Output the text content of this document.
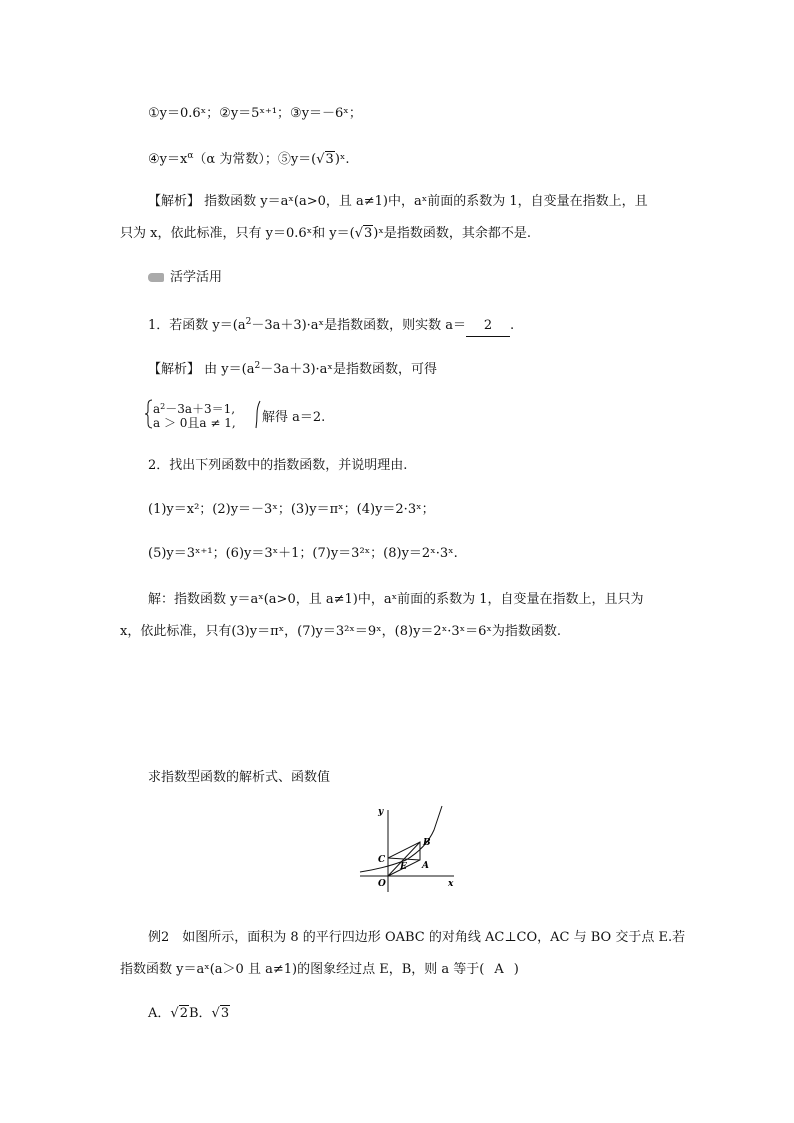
①y＝0.6ˣ；②y＝5ˣ⁺¹；③y＝－6ˣ；
$④y=x^\alpha(\alpha$ 为常数）；⑤y＝(√3)ˣ.
【解析】 指数函数 y＝aˣ(a>0，且 a≠1)中，aˣ前面的系数为 1，自变量在指数上，且
只为 x，依此标准，只有 y＝0.6ˣ和 y＝(√3)ˣ是指数函数，其余都不是.
活学活用
1．若函数 $y=(a^2-3a+3)\cdot aˣ$是指数函数，则实数 a＝ 2 .
【解析】 由 $y=(a^2-3a+3)\cdot aˣ$是指数函数，可得
$a^2-3a+3=1$,
a ＞ 0且a ≠ 1, 解得 a＝2.
2．找出下列函数中的指数函数，并说明理由.
(1)y＝x²；(2)y＝－3ˣ；(3)y＝πˣ；(4)y＝2·3ˣ；
(5)y＝3ˣ⁺¹；(6)y＝3ˣ＋1；(7)y＝3²ˣ；(8)y＝2ˣ·3ˣ.
解：指数函数 y＝aˣ(a>0，且 a≠1)中，aˣ前面的系数为 1，自变量在指数上，且只为
x，依此标准，只有(3)y＝πˣ，(7)y＝3²ˣ＝9ˣ，(8)y＝2ˣ·3ˣ＝6ˣ为指数函数.
求指数型函数的解析式、函数值
y
x
O
C
B
E A
例2　如图所示，面积为 8 的平行四边形 OABC 的对角线 AC⊥CO，AC 与 BO 交于点 E.若
指数函数 y＝aˣ(a＞0 且 a≠1)的图象经过点 E，B，则 a 等于( A )
A．√2B．√3
